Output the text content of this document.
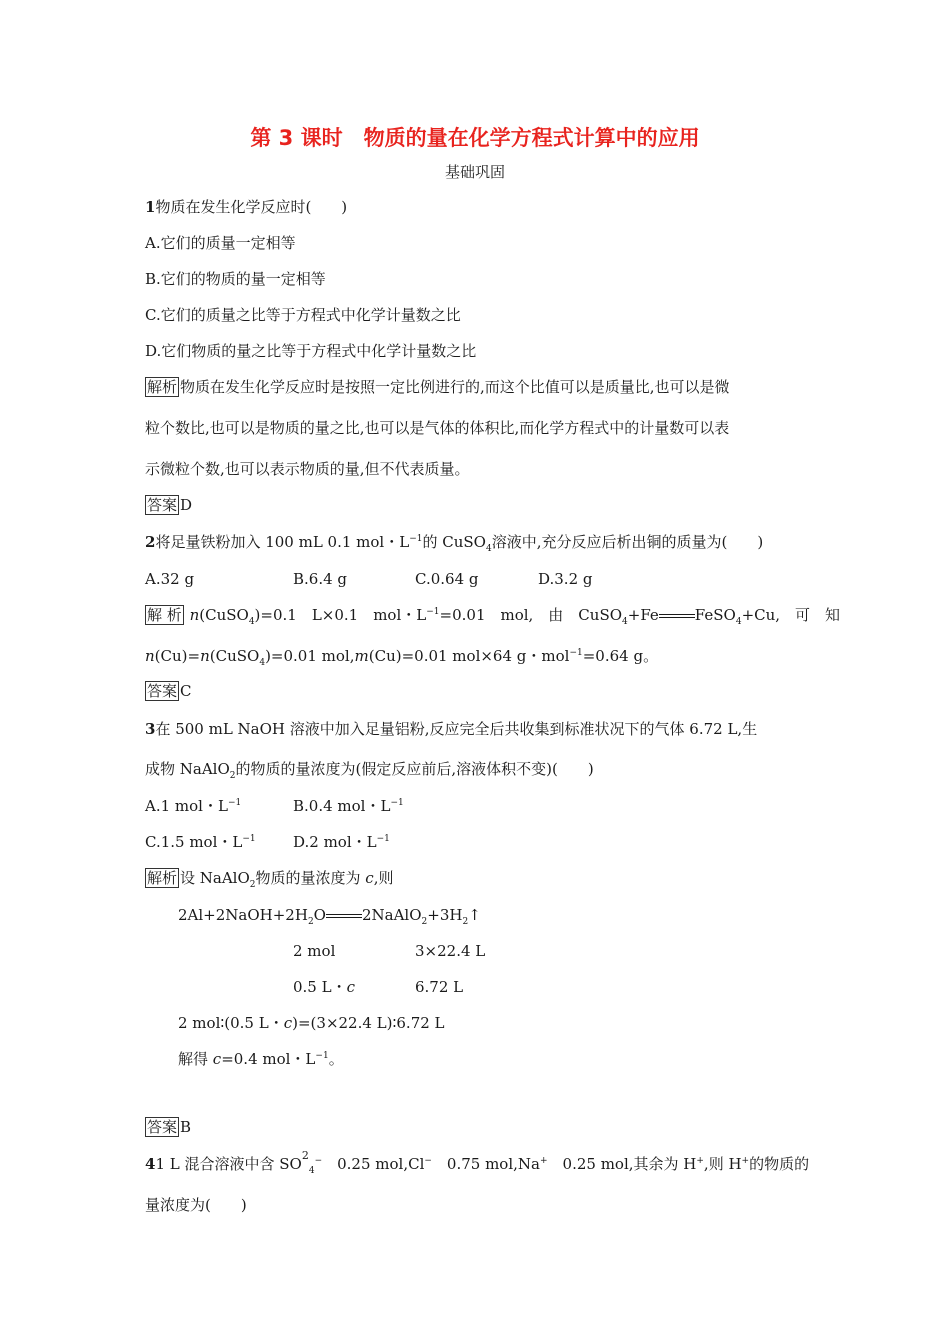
第 3 课时　物质的量在化学方程式计算中的应用
基础巩固
1物质在发生化学反应时(　　)
A.它们的质量一定相等
B.它们的物质的量一定相等
C.它们的质量之比等于方程式中化学计量数之比
D.它们物质的量之比等于方程式中化学计量数之比
解析 物质在发生化学反应时是按照一定比例进行的,而这个比值可以是质量比,也可以是微
粒个数比,也可以是物质的量之比,也可以是气体的体积比,而化学方程式中的计量数可以表
示微粒个数,也可以表示物质的量,但不代表质量。
答案 D
2将足量铁粉加入 100 mL 0.1 mol・$L^{-1}$的 CuSO$_4$溶液中,充分反应后析出铜的质量为(　　)
A.32 g	B.6.4 g	C.0.64 g	D.3.2 g
解 析 n(CuSO$_4$)=0.1　L×0.1　mol・$L^{-1}=0.01$　mol,　由　CuSO$_4$+Fe FeSO$_4$+Cu,　可　知
n(Cu)=n(CuSO$_4$)=0.01 mol,m(Cu)=0.01 mol×64 g・mol$^{-1}$=0.64 g。
答案 C
3在 500 mL NaOH 溶液中加入足量铝粉,反应完全后共收集到标准状况下的气体 6.72 L,生
成物 NaAlO$_2$的物质的量浓度为(假定反应前后,溶液体积不变)(　　)
A.1 mol・$L^{-1}$	B.0.4 mol・$L^{-1}$
C.1.5 mol・$L^{-1}$ D.2 mol・$L^{-1}$
解析 设 NaAlO$_2$物质的量浓度为 c,则
$2Al+2NaOH+2H_2O$ $2NaAlO_2+3H_2↑$
2 mol	3×22.4 L
0.5 L・c	6.72 L
2 mol∶(0.5 L・c)=(3×22.4 L)∶6.72 L
解得 c=0.4 mol・$L^{-1}$。
答案 B
41 L 混合溶液中含 $SO^2_4^-$　0.25 mol,Cl−　0.75 mol,Na+　0.25 mol,其余为 H+,则 H+的物质的
量浓度为(　　)
